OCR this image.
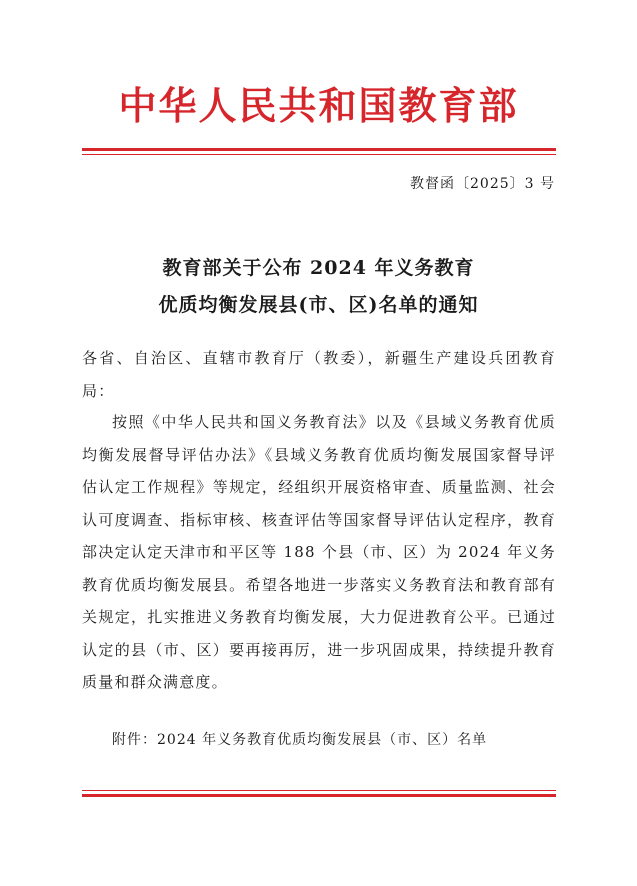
中华人民共和国教育部
教督函〔2025〕3 号
教育部关于公布 2024 年义务教育
优质均衡发展县(市、区)名单的通知
各省、自治区、直辖市教育厅（教委），新疆生产建设兵团教育局：
按照《中华人民共和国义务教育法》以及《县域义务教育优质均衡发展督导评估办法》《县域义务教育优质均衡发展国家督导评估认定工作规程》等规定，经组织开展资格审查、质量监测、社会认可度调查、指标审核、核查评估等国家督导评估认定程序，教育部决定认定天津市和平区等 188 个县（市、区）为 2024 年义务教育优质均衡发展县。希望各地进一步落实义务教育法和教育部有关规定，扎实推进义务教育均衡发展，大力促进教育公平。已通过认定的县（市、区）要再接再厉，进一步巩固成果，持续提升教育质量和群众满意度。
附件：2024 年义务教育优质均衡发展县（市、区）名单
